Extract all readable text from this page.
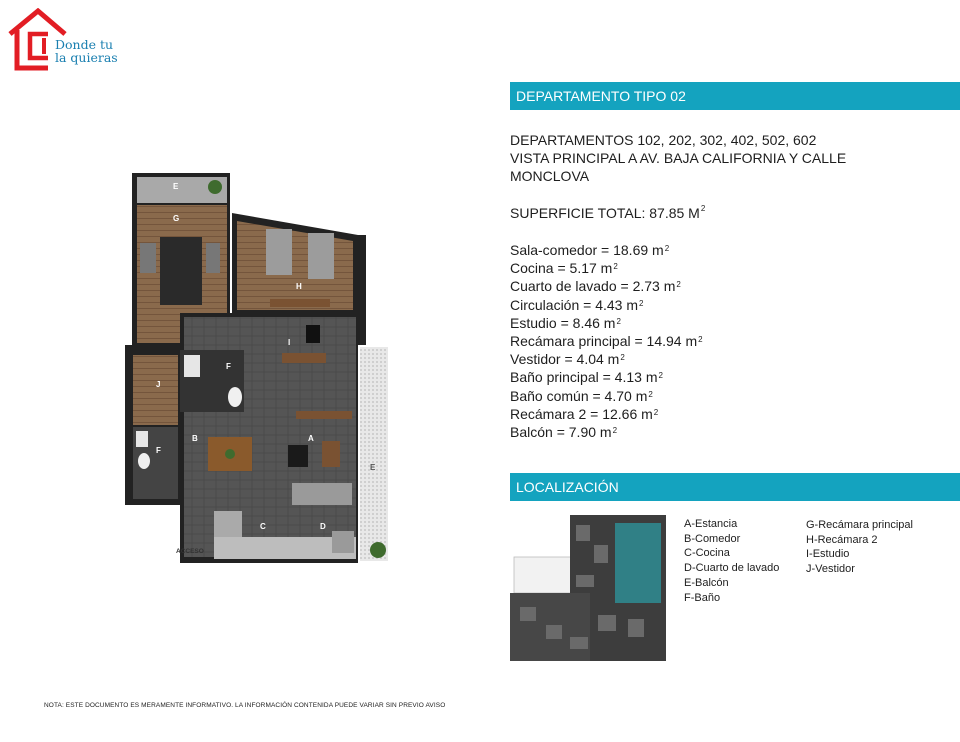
Donde tu
la quieras
DEPARTAMENTO TIPO 02
DEPARTAMENTOS 102, 202, 302, 402, 502, 602
VISTA PRINCIPAL A AV. BAJA CALIFORNIA Y CALLE
MONCLOVA
SUPERFICIE TOTAL: 87.85 $M^2$
Sala-comedor = 18.69 $m^2$
Cocina = 5.17 $m^2$
Cuarto de lavado = 2.73 $m^2$
Circulación = 4.43 $m^2$
Estudio = 8.46 $m^2$
Recámara principal = 14.94 $m^2$
Vestidor = 4.04 $m^2$
Baño principal = 4.13 $m^2$
Baño común = 4.70 $m^2$
Recámara 2 = 12.66 $m^2$
Balcón = 7.90 $m^2$
E
G
H
I
F
J
F
B	A
C	D
E
ACCESO
LOCALIZACIÓN
A-Estancia
B-Comedor
C-Cocina
D-Cuarto de lavado
E-Balcón
F-Baño
G-Recámara principal
H-Recámara 2
I-Estudio
J-Vestidor
NOTA: ESTE DOCUMENTO ES MERAMENTE INFORMATIVO. LA INFORMACIÓN CONTENIDA PUEDE VARIAR SIN PREVIO AVISO
